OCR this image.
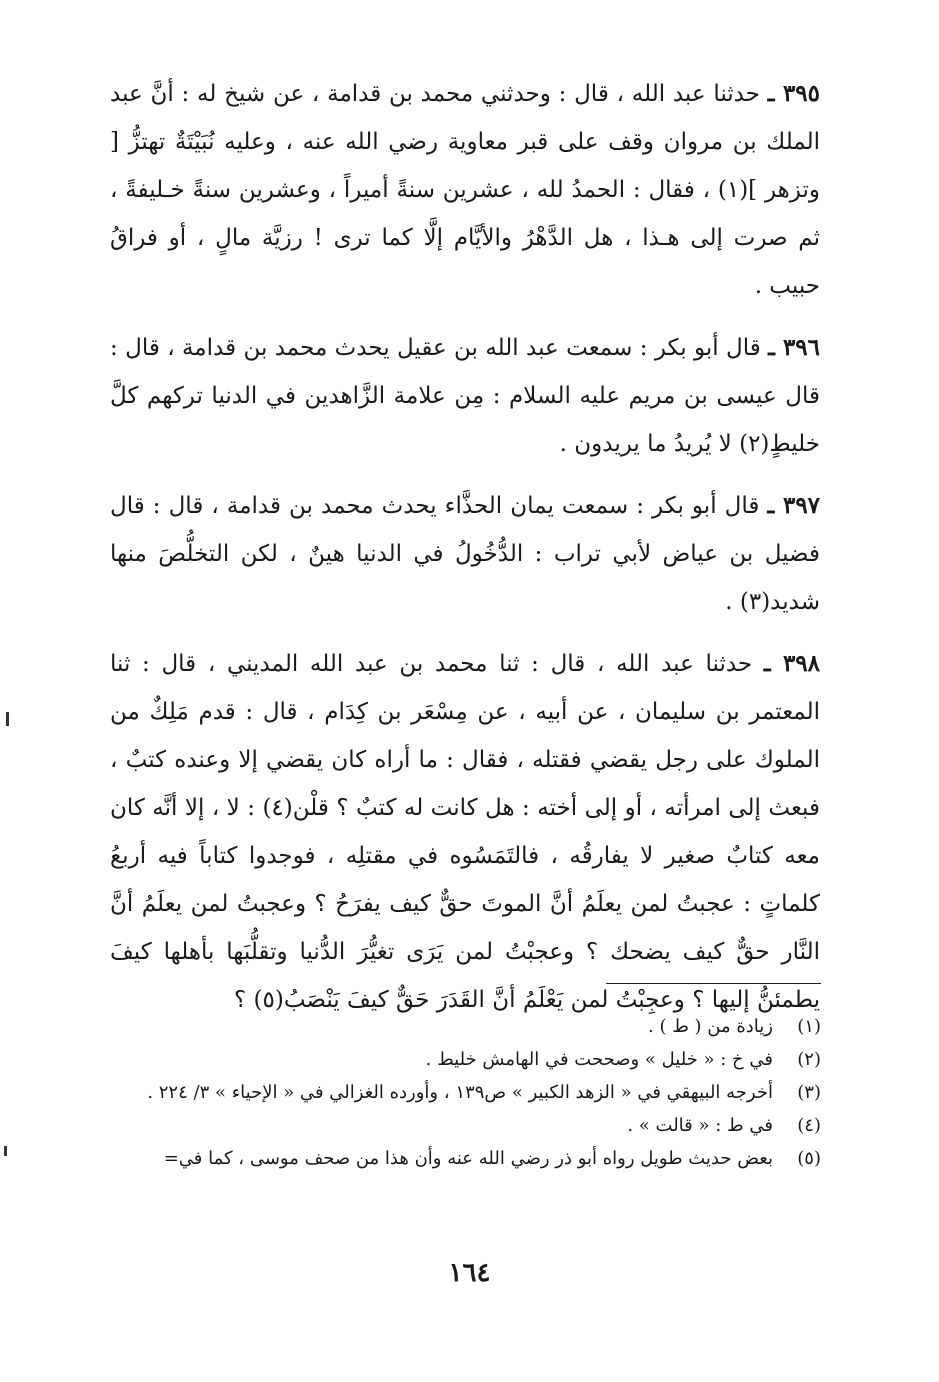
٣٩٥ ـ حدثنا عبد الله ، قال : وحدثني محمد بن قدامة ، عن شيخ له : أنَّ عبد الملك بن مروان وقف على قبر معاوية رضي الله عنه ، وعليه نُبَيْتَةٌ تهتزُّ [ وتزهر ](١) ، فقال : الحمدُ لله ، عشرين سنةً أميراً ، وعشرين سنةً خـليفةً ، ثم صرت إلى هـذا ، هل الدَّهْرُ والأيَّام إلَّا كما ترى ! رزيَّة مالٍ ، أو فراقُ حبيب .

٣٩٦ ـ قال أبو بكر : سمعت عبد الله بن عقيل يحدث محمد بن قدامة ، قال : قال عيسى بن مريم عليه السلام : مِن علامة الزَّاهدين في الدنيا تركهم كلَّ خليطٍ(٢) لا يُريدُ ما يريدون .

٣٩٧ ـ قال أبو بكر : سمعت يمان الحذَّاء يحدث محمد بن قدامة ، قال : قال فضيل بن عياض لأبي تراب : الدُّخُولُ في الدنيا هينٌ ، لكن التخلُّصَ منها شديد(٣) .

٣٩٨ ـ حدثنا عبد الله ، قال : ثنا محمد بن عبد الله المديني ، قال : ثنا المعتمر بن سليمان ، عن أبيه ، عن مِسْعَر بن كِدَام ، قال : قدم مَلِكٌ من الملوك على رجل يقضي فقتله ، فقال : ما أراه كان يقضي إلا وعنده كتبٌ ، فبعث إلى امرأته ، أو إلى أخته : هل كانت له كتبٌ ؟ قلْن(٤) : لا ، إلا أنَّه كان معه كتابٌ صغير لا يفارقُه ، فالتَمَسُوه في مقتلِه ، فوجدوا كتاباً فيه أربعُ كلماتٍ : عجبتُ لمن يعلَمُ أنَّ الموتَ حقٌّ كيف يفرَحُ ؟ وعجبتُ لمن يعلَمُ أنَّ النَّار حقٌّ كيف يضحك ؟ وعجبْتُ لمن يَرَى تغيُّرَ الدُّنيا وتقلُّبَها بأهلها كيفَ يطمئنُّ إليها ؟ وعجِبْتُ لمن يَعْلَمُ أنَّ القَدَرَ حَقٌّ كيفَ يَنْصَبُ(٥) ؟

(١)
زيادة من ( ط ) .
(٢)
في خ : « خليل » وصححت في الهامش خليط .
(٣)
أخرجه البيهقي في « الزهد الكبير » ص١٣٩ ، وأورده الغزالي في « الإحياء » ٣/ ٢٢٤ .
(٤)
في ط : « قالت » .
(٥)
بعض حديث طويل رواه أبو ذر رضي الله عنه وأن هذا من صحف موسى ، كما في=
١٦٤
